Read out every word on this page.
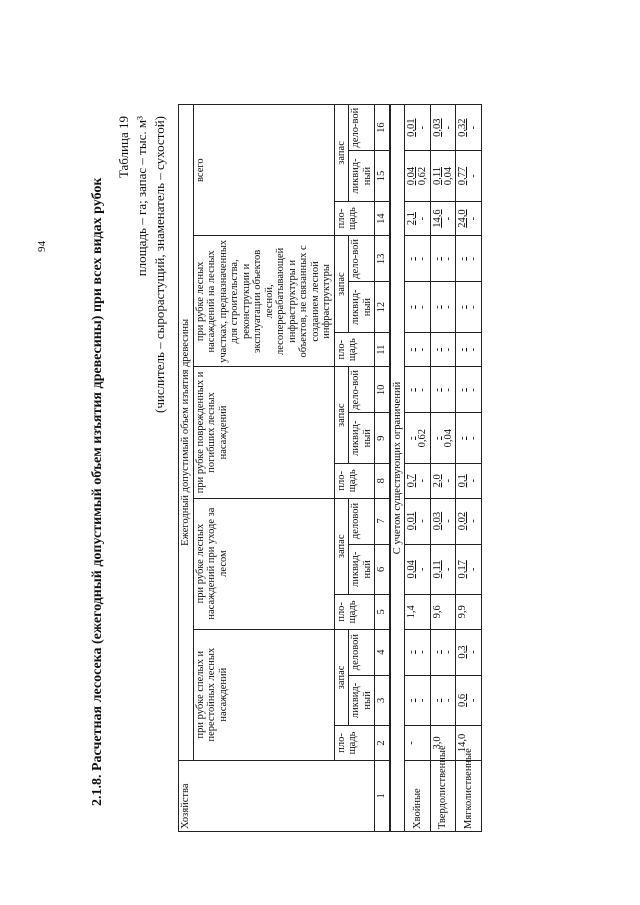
94	2.1.8. Расчетная лесосека (ежегодный допустимый объем изъятия древесины) при всех видах рубок
Таблица 19 площадь – га; запас – тыс. м³ (числитель – сырорастущий, знаменатель – сухостой)
Хозяйства	Ежегодный допустимый объем изъятия древесины														
	при рубке спелых и перестойных лесных насаждений			при рубке лесных насаждений при уходе за лесом			при рубке поврежденных и погибших лесных насаждений			при рубке лесных насаждений на лесных участках, предназначенных для строительства, реконструкции и эксплуатации объектов лесной, лесоперерабатывающей инфраструктуры и объектов, не связанных с созданием лесной инфраструктуры			всего		
	пло-щадь	запас		пло-щадь	запас		пло-щадь	запас		пло-щадь	запас		пло-щадь	запас	
		ликвид-ный	деловой		ликвид-ный	деловой		ликвид-ный	дело-вой		ликвид-ный	дело-вой		ликвид-ный	дело-вой
1	2	3	4	5	6	7	8	9	10	11	12	13	14	15	16
С учетом существующих ограничений															
Хвойные	-	- -	- -	1,4	0,04 -	0,01 -	0,7 -	- 0,62	- -	- -	- -	- -	2,1 -	0,04 0,62	0,01 -

Твердолиственные	3,0	- -	- -	9,6	0,11 -	0,03 -	2,0 -	- 0,04	- -	- -	- -	- -	14,6 -	0,11 0,04	0,03 -

Мягколиственные	14,0	0,6 -	0,3 -	9,9	0,17 -	0,02 -	0,1 -	- -	- -	- -	- -	- -	24,0 -	0,77 -	0,32 -
